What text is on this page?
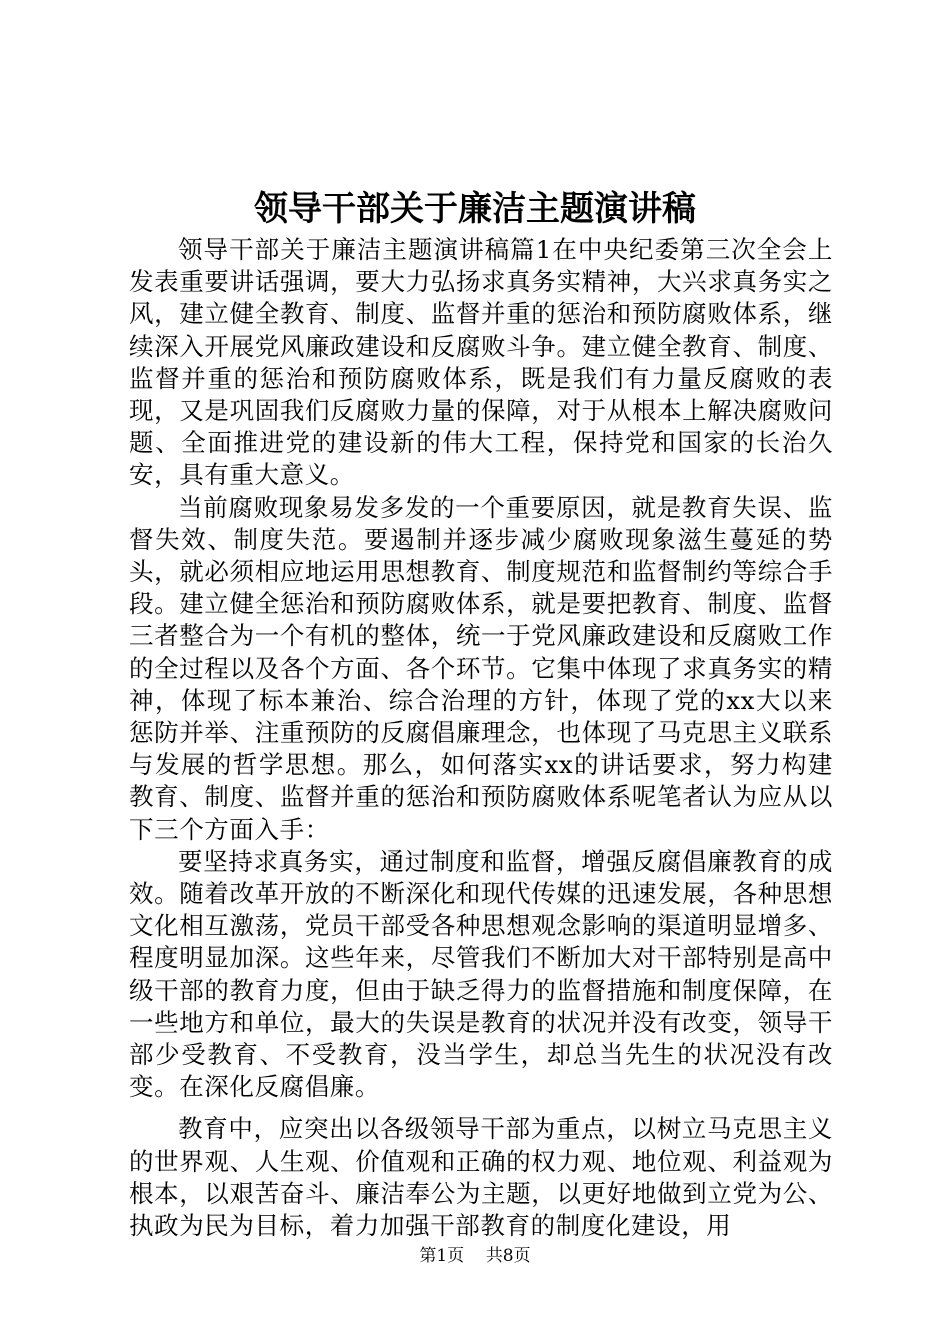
领导干部关于廉洁主题演讲稿

领导干部关于廉洁主题演讲稿篇1在中央纪委第三次全会上发表重要讲话强调，要大力弘扬求真务实精神，大兴求真务实之风，建立健全教育、制度、监督并重的惩治和预防腐败体系，继续深入开展党风廉政建设和反腐败斗争。建立健全教育、制度、监督并重的惩治和预防腐败体系，既是我们有力量反腐败的表现，又是巩固我们反腐败力量的保障，对于从根本上解决腐败问题、全面推进党的建设新的伟大工程，保持党和国家的长治久安，具有重大意义。

当前腐败现象易发多发的一个重要原因，就是教育失误、监督失效、制度失范。要遏制并逐步减少腐败现象滋生蔓延的势头，就必须相应地运用思想教育、制度规范和监督制约等综合手段。建立健全惩治和预防腐败体系，就是要把教育、制度、监督三者整合为一个有机的整体，统一于党风廉政建设和反腐败工作的全过程以及各个方面、各个环节。它集中体现了求真务实的精神，体现了标本兼治、综合治理的方针，体现了党的xx大以来惩防并举、注重预防的反腐倡廉理念，也体现了马克思主义联系与发展的哲学思想。那么，如何落实xx的讲话要求，努力构建教育、制度、监督并重的惩治和预防腐败体系呢笔者认为应从以下三个方面入手：

要坚持求真务实，通过制度和监督，增强反腐倡廉教育的成效。随着改革开放的不断深化和现代传媒的迅速发展，各种思想文化相互激荡，党员干部受各种思想观念影响的渠道明显增多、程度明显加深。这些年来，尽管我们不断加大对干部特别是高中级干部的教育力度，但由于缺乏得力的监督措施和制度保障，在一些地方和单位，最大的失误是教育的状况并没有改变，领导干部少受教育、不受教育，没当学生，却总当先生的状况没有改变。在深化反腐倡廉。

教育中，应突出以各级领导干部为重点，以树立马克思主义的世界观、人生观、价值观和正确的权力观、地位观、利益观为根本，以艰苦奋斗、廉洁奉公为主题，以更好地做到立党为公、执政为民为目标，着力加强干部教育的制度化建设，用

第1页 共8页
